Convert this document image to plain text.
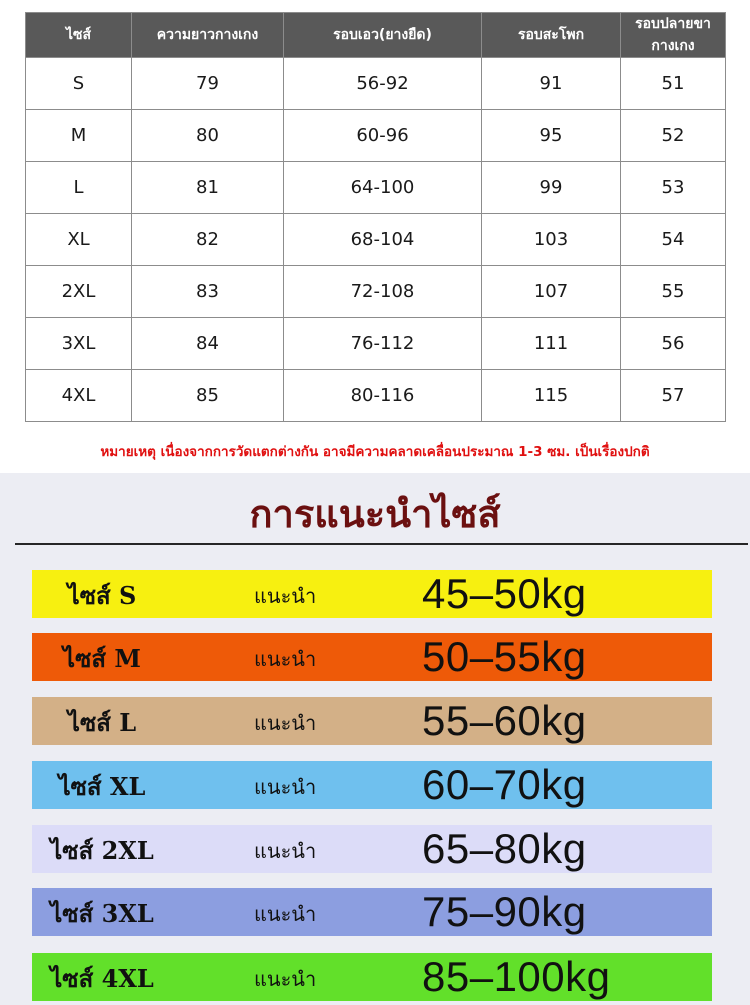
ไซส์	ความยาวกางเกง	รอบเอว(ยางยืด)	รอบสะโพก	รอบปลายขากางเกง
S	79	56-92	91	51
M	80	60-96	95	52
L	81	64-100	99	53
XL	82	68-104	103	54
2XL	83	72-108	107	55
3XL	84	76-112	111	56
4XL	85	80-116	115	57
หมายเหตุ เนื่องจากการวัดแตกต่างกัน อาจมีความคลาดเคลื่อนประมาณ 1-3 ซม. เป็นเรื่องปกติ
การแนะนำไซส์
ไซส์ S	แนะนำ	45–50kg
ไซส์ M	แนะนำ	50–55kg
ไซส์ L	แนะนำ	55–60kg
ไซส์ XL	แนะนำ	60–70kg
ไซส์ 2XL	แนะนำ	65–80kg
ไซส์ 3XL	แนะนำ	75–90kg
ไซส์ 4XL	แนะนำ	85–100kg
